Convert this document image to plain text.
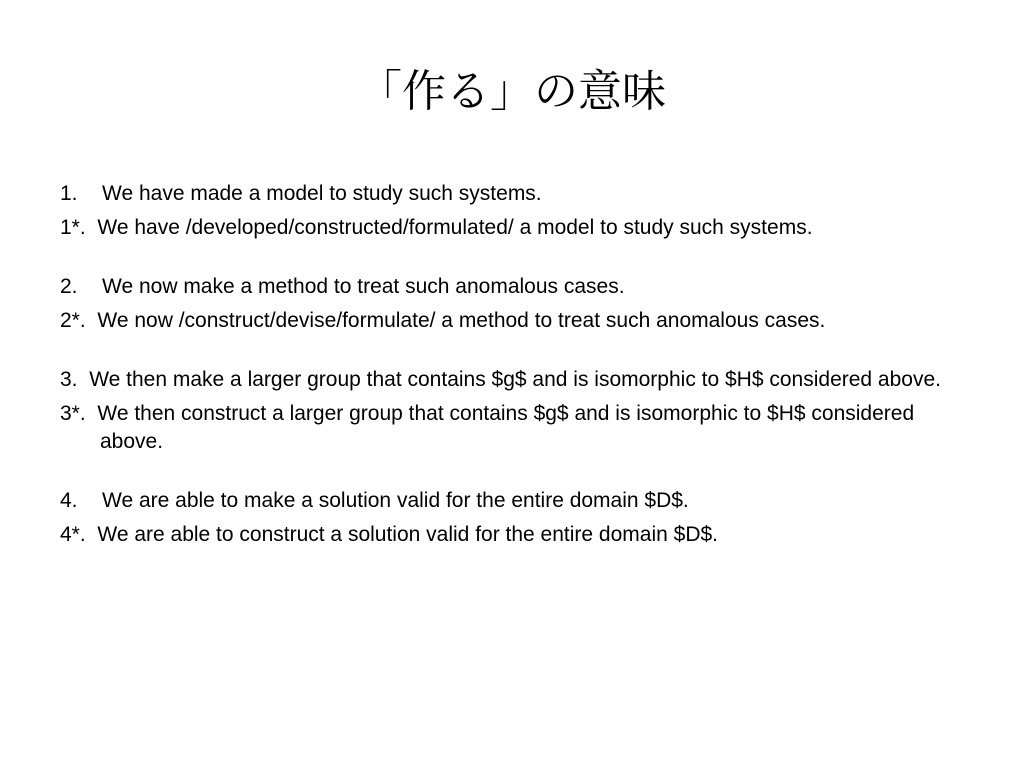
「作る」の意味
1.	We have made a model to study such systems.
1*.  We have /developed/constructed/formulated/ a model to study such systems.
2.	We now make a method to treat such anomalous cases.
2*.  We now /construct/devise/formulate/ a method to treat such anomalous cases.
3.  We then make a larger group that contains $g$ and is isomorphic to $H$ considered above.
3*.  We then construct a larger group that contains $g$ and is isomorphic to $H$ considered above.
4.	We are able to make a solution valid for the entire domain $D$.
4*.  We are able to construct a solution valid for the entire domain $D$.
